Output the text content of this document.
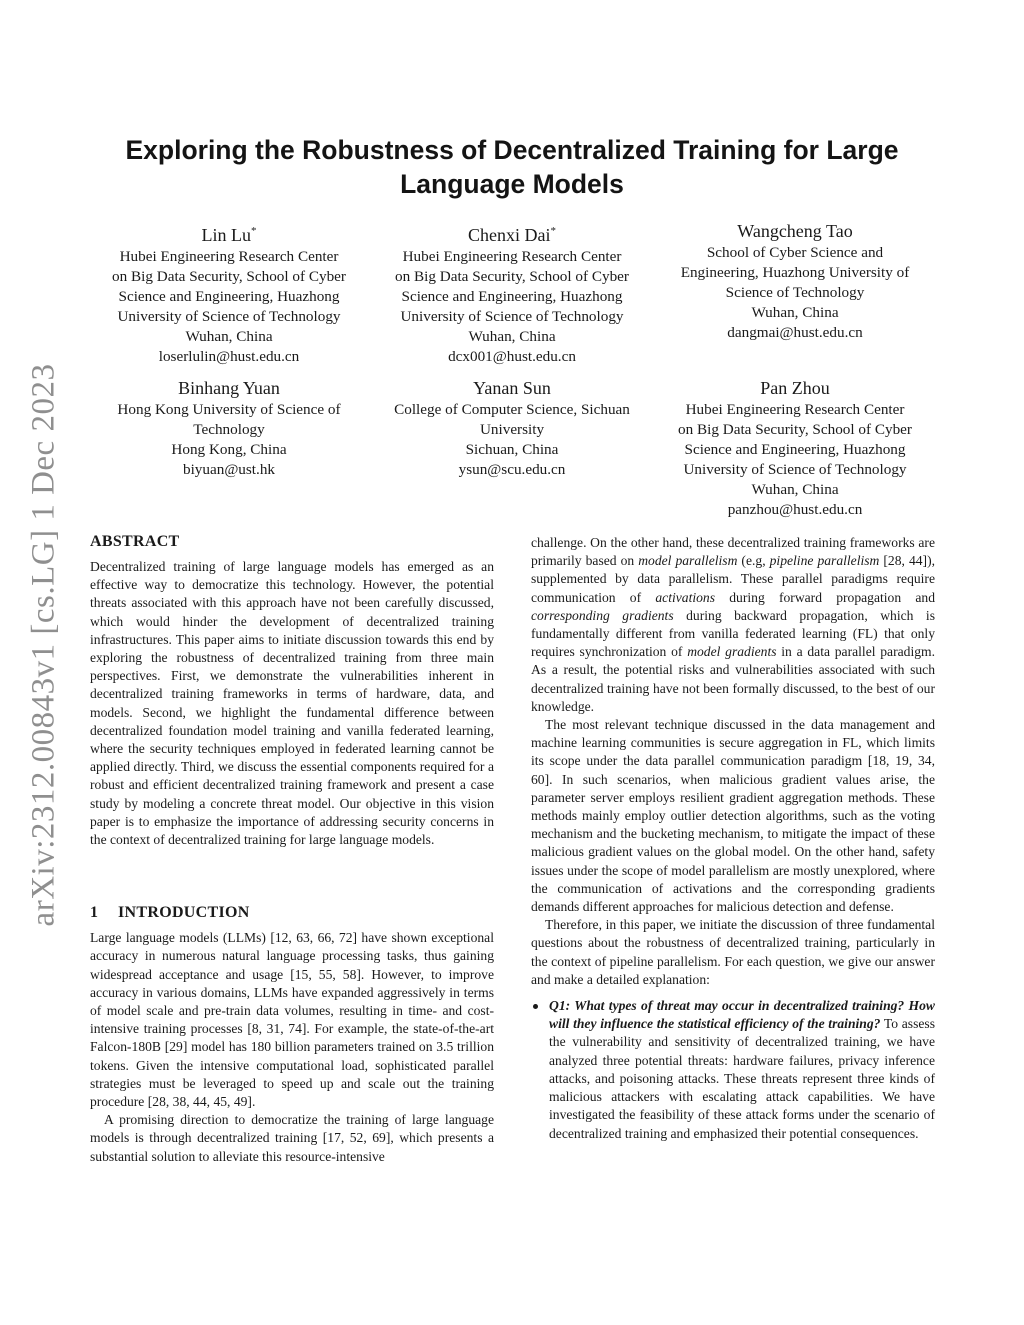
arXiv:2312.00843v1 [cs.LG] 1 Dec 2023
Exploring the Robustness of Decentralized Training for Large Language Models
Lin Lu*
Hubei Engineering Research Center
on Big Data Security, School of Cyber
Science and Engineering, Huazhong
University of Science of Technology
Wuhan, China
loserlulin@hust.edu.cn
Chenxi Dai*
Hubei Engineering Research Center
on Big Data Security, School of Cyber
Science and Engineering, Huazhong
University of Science of Technology
Wuhan, China
dcx001@hust.edu.cn
Wangcheng Tao
School of Cyber Science and
Engineering, Huazhong University of
Science of Technology
Wuhan, China
dangmai@hust.edu.cn
Binhang Yuan
Hong Kong University of Science of
Technology
Hong Kong, China
biyuan@ust.hk
Yanan Sun
College of Computer Science, Sichuan
University
Sichuan, China
ysun@scu.edu.cn
Pan Zhou
Hubei Engineering Research Center
on Big Data Security, School of Cyber
Science and Engineering, Huazhong
University of Science of Technology
Wuhan, China
panzhou@hust.edu.cn
ABSTRACT

Decentralized training of large language models has emerged as an effective way to democratize this technology. However, the potential threats associated with this approach have not been carefully discussed, which would hinder the development of decentralized training infrastructures. This paper aims to initiate discussion towards this end by exploring the robustness of decentralized training from three main perspectives. First, we demonstrate the vulnerabilities inherent in decentralized training frameworks in terms of hardware, data, and models. Second, we highlight the fundamental difference between decentralized foundation model training and vanilla federated learning, where the security techniques employed in federated learning cannot be applied directly. Third, we discuss the essential components required for a robust and efficient decentralized training framework and present a case study by modeling a concrete threat model. Our objective in this vision paper is to emphasize the importance of addressing security concerns in the context of decentralized training for large language models.

1 INTRODUCTION

Large language models (LLMs) [12, 63, 66, 72] have shown exceptional accuracy in numerous natural language processing tasks, thus gaining widespread acceptance and usage [15, 55, 58]. However, to improve accuracy in various domains, LLMs have expanded aggressively in terms of model scale and pre-train data volumes, resulting in time- and cost-intensive training processes [8, 31, 74]. For example, the state-of-the-art Falcon-180B [29] model has 180 billion parameters trained on 3.5 trillion tokens. Given the intensive computational load, sophisticated parallel strategies must be leveraged to speed up and scale out the training procedure [28, 38, 44, 45, 49].

A promising direction to democratize the training of large language models is through decentralized training [17, 52, 69], which presents a substantial solution to alleviate this resource-intensive

challenge. On the other hand, these decentralized training frameworks are primarily based on model parallelism (e.g, pipeline parallelism [28, 44]), supplemented by data parallelism. These parallel paradigms require communication of activations during forward propagation and corresponding gradients during backward propagation, which is fundamentally different from vanilla federated learning (FL) that only requires synchronization of model gradients in a data parallel paradigm. As a result, the potential risks and vulnerabilities associated with such decentralized training have not been formally discussed, to the best of our knowledge.

The most relevant technique discussed in the data management and machine learning communities is secure aggregation in FL, which limits its scope under the data parallel communication paradigm [18, 19, 34, 60]. In such scenarios, when malicious gradient values arise, the parameter server employs resilient gradient aggregation methods. These methods mainly employ outlier detection algorithms, such as the voting mechanism and the bucketing mechanism, to mitigate the impact of these malicious gradient values on the global model. On the other hand, safety issues under the scope of model parallelism are mostly unexplored, where the communication of activations and the corresponding gradients demands different approaches for malicious detection and defense.

Therefore, in this paper, we initiate the discussion of three fundamental questions about the robustness of decentralized training, particularly in the context of pipeline parallelism. For each question, we give our answer and make a detailed explanation:

Q1: What types of threat may occur in decentralized training? How will they influence the statistical efficiency of the training? To assess the vulnerability and sensitivity of decentralized training, we have analyzed three potential threats: hardware failures, privacy inference attacks, and poisoning attacks. These threats represent three kinds of malicious attackers with escalating attack capabilities. We have investigated the feasibility of these attack forms under the scenario of decentralized training and emphasized their potential consequences.
